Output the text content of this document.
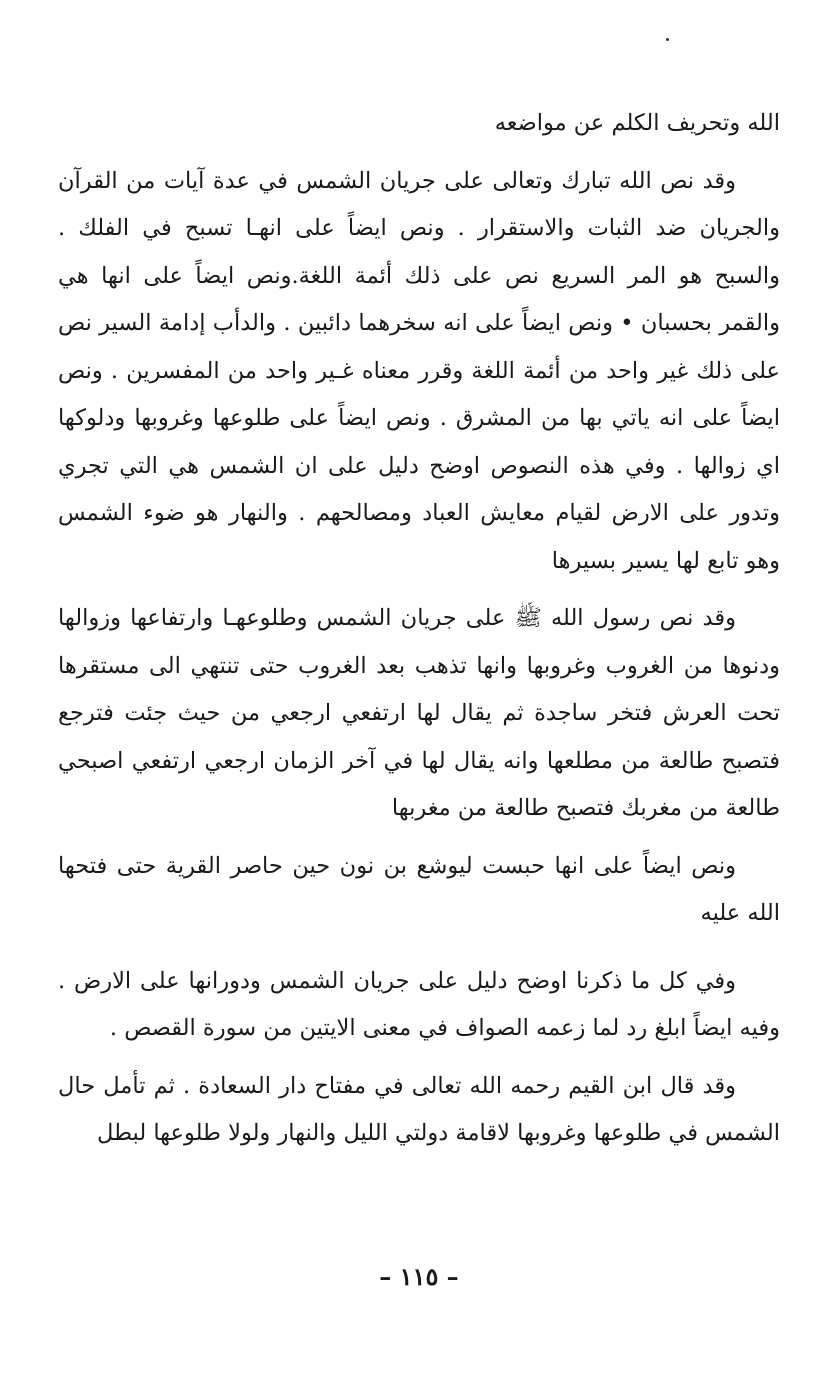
الله وتحريف الكلم عن مواضعه

وقد نص الله تبارك وتعالى على جريان الشمس في عدة آيات من القرآن والجريان ضد الثبات والاستقرار . ونص ايضاً على انهـا تسبح في الفلك . والسبح هو المر السريع نص على ذلك أئمة اللغة.ونص ايضاً على انها هي والقمر بحسبان • ونص ايضاً على انه سخرهما دائبين . والدأب إدامة السير نص على ذلك غير واحد من أئمة اللغة وقرر معناه غـير واحد من المفسرين . ونص ايضاً على انه ياتي بها من المشرق . ونص ايضاً على طلوعها وغروبها ودلوكها اي زوالها . وفي هذه النصوص اوضح دليل على ان الشمس هي التي تجري وتدور على الارض لقيام معايش العباد ومصالحهم . والنهار هو ضوء الشمس وهو تابع لها يسير بسيرها

وقد نص رسول الله ﷺ على جريان الشمس وطلوعهـا وارتفاعها وزوالها ودنوها من الغروب وغروبها وانها تذهب بعد الغروب حتى تنتهي الى مستقرها تحت العرش فتخر ساجدة ثم يقال لها ارتفعي ارجعي من حيث جئت فترجع فتصبح طالعة من مطلعها وانه يقال لها في آخر الزمان ارجعي ارتفعي اصبحي طالعة من مغربك فتصبح طالعة من مغربها

ونص ايضاً على انها حبست ليوشع بن نون حين حاصر القرية حتى فتحها الله عليه

وفي كل ما ذكرنا اوضح دليل على جريان الشمس ودورانها على الارض . وفيه ايضاً ابلغ رد لما زعمه الصواف في معنى الايتين من سورة القصص .

وقد قال ابن القيم رحمه الله تعالى في مفتاح دار السعادة . ثم تأمل حال الشمس في طلوعها وغروبها لاقامة دولتي الليل والنهار ولولا طلوعها لبطل

– ١١٥ –
